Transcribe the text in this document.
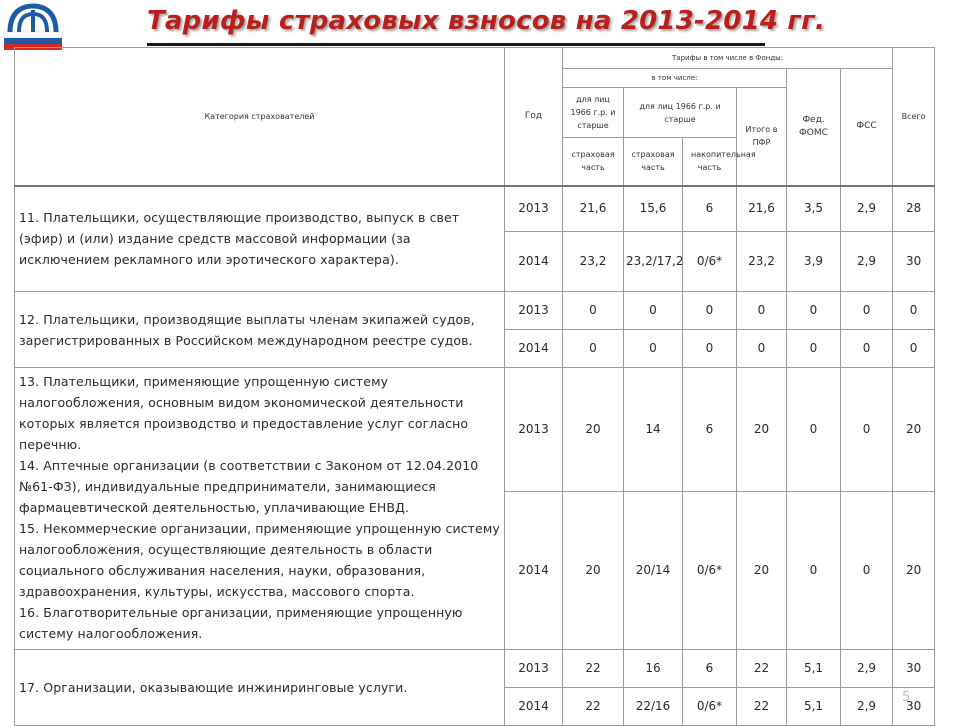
Тарифы страховых взносов на 2013-2014 гг.
Категория страхователей	Год	Тарифы в том числе в Фонды:						Всего
		в том числе:				Фед. ФОМС	ФСС	
		для лиц 1966 г.р. и старше	для лиц 1966 г.р. и старше		Итого в ПФР			
		страховая часть	страховая часть	накопительная часть				
11. Плательщики, осуществляющие производство, выпуск в свет (эфир) и (или) издание средств массовой информации (за исключением рекламного или эротического характера).	2013	21,6	15,6	6	21,6	3,5	2,9	28
	2014	23,2	23,2/17,2	0/6*	23,2	3,9	2,9	30
12. Плательщики, производящие выплаты членам экипажей судов, зарегистрированных в Российском международном реестре судов.	2013	0	0	0	0	0	0	0
	2014	0	0	0	0	0	0	0

13. Плательщики, применяющие упрощенную систему налогообложения, основным видом экономической деятельности которых является производство и предоставление услуг согласно перечню.
14. Аптечные организации (в соответствии с Законом от 12.04.2010 №61-ФЗ), индивидуальные предприниматели, занимающиеся фармацевтической деятельностью, уплачивающие ЕНВД.
15. Некоммерческие организации, применяющие упрощенную систему налогообложения, осуществляющие деятельность в области социального обслуживания населения, науки, образования, здравоохранения, культуры, искусства, массового спорта.
16. Благотворительные организации, применяющие упрощенную систему налогообложения.	2013	20	14	6	20	0	0	20
	2014	20	20/14	0/6*	20	0	0	20
17. Организации, оказывающие инжиниринговые услуги.	2013	22	16	6	22	5,1	2,9	30
	2014	22	22/16	0/6*	22	5,1	2,9	30
5
